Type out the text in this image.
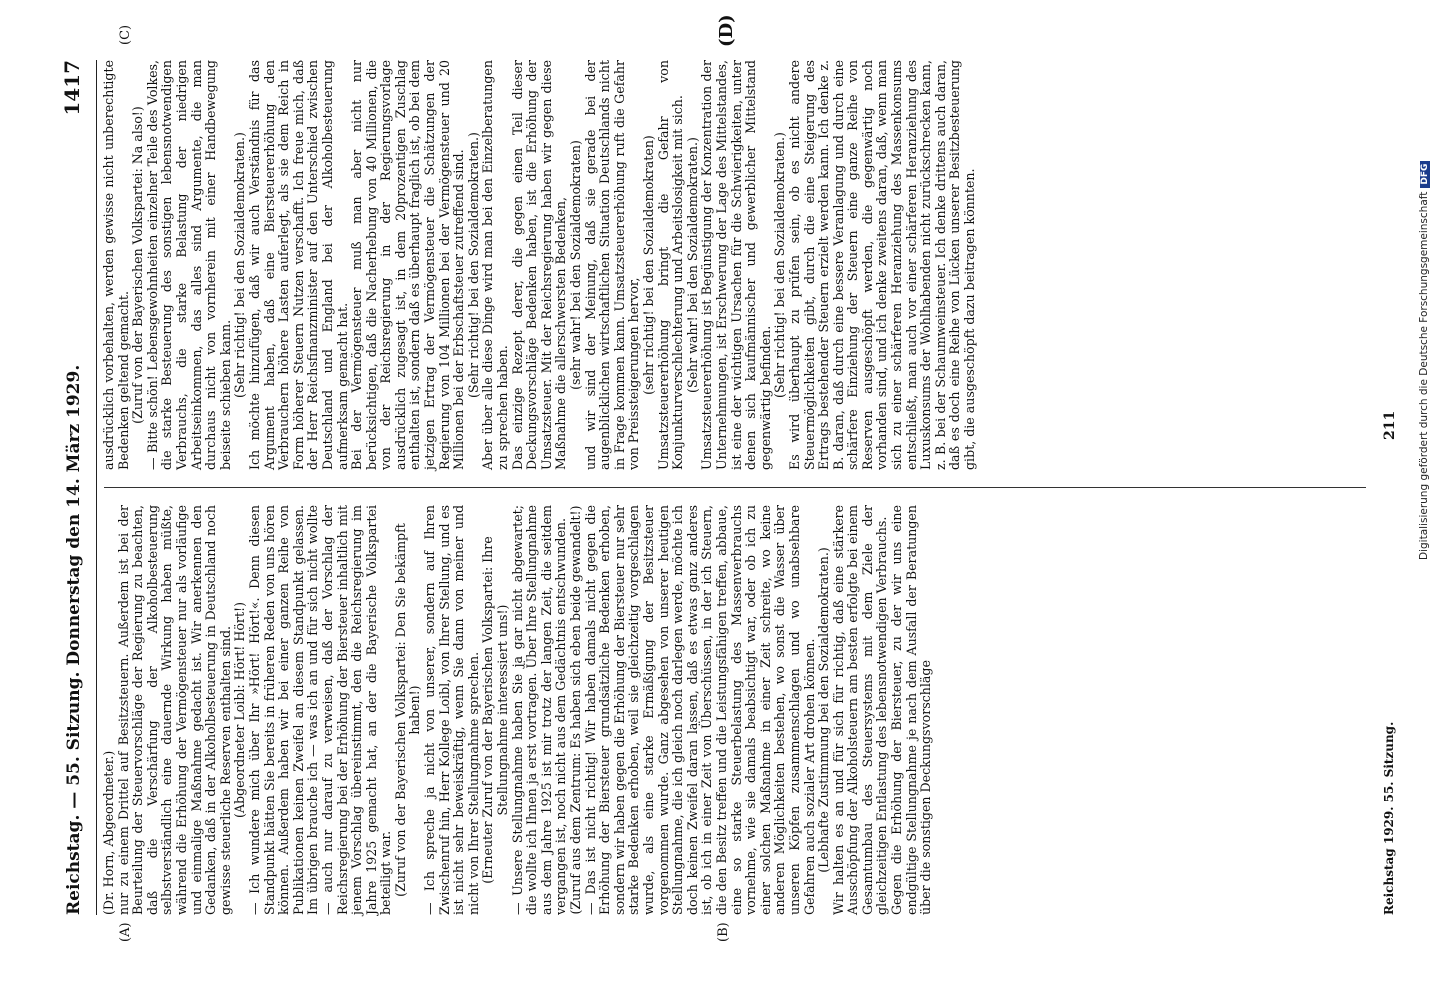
Reichstag. — 55. Sitzung. Donnerstag den 14. März 1929.
1417
(A)	(B)
(C)	(D)

(Dr. Horn, Abgeordneter.) nur zu einem Drittel auf Besitzsteuern. Außerdem ist bei der Beurteilung der Steuervorschläge der Regierung zu beachten, daß die Verschärfung der Alkoholbesteuerung selbstverständlich eine dauernde Wirkung haben müßte, während die Erhöhung der Vermögensteuer nur als vorläufige und einmalige Maßnahme gedacht ist. Wir anerkennen den Gedanken, daß in der Alkoholbesteuerung in Deutschland noch gewisse steuerliche Reserven enthalten sind. (Abgeordneter Loibl: Hört! Hört!) — Ich wundere mich über Ihr »Hört! Hört!«. Denn diesen Standpunkt hätten Sie bereits in früheren Reden von uns hören können. Außerdem haben wir bei einer ganzen Reihe von Publikationen keinen Zweifel an diesem Standpunkt gelassen. Im übrigen brauche ich — was ich an und für sich nicht wollte — auch nur darauf zu verweisen, daß der Vorschlag der Reichsregierung bei der Erhöhung der Biersteuer inhaltlich mit jenem Vorschlag übereinstimmt, den die Reichsregierung im Jahre 1925 gemacht hat, an der die Bayerische Volkspartei beteiligt war. (Zuruf von der Bayerischen Volkspartei: Den Sie bekämpft haben!) — Ich spreche ja nicht von unserer, sondern auf Ihren Zwischenruf hin, Herr Kollege Loibl, von Ihrer Stellung, und es ist nicht sehr beweiskräftig, wenn Sie dann von meiner und nicht von Ihrer Stellungnahme sprechen. (Erneuter Zuruf von der Bayerischen Volkspartei: Ihre Stellungnahme interessiert uns!) — Unsere Stellungnahme haben Sie ja gar nicht abgewartet; die wollte ich Ihnen ja erst vortragen. Über Ihre Stellungnahme aus dem Jahre 1925 ist mir trotz der langen Zeit, die seitdem vergangen ist, noch nicht aus dem Gedächtnis entschwunden. (Zuruf aus dem Zentrum: Es haben sich eben beide gewandelt!) — Das ist nicht richtig! Wir haben damals nicht gegen die Erhöhung der Biersteuer grundsätzliche Bedenken erhoben, sondern wir haben gegen die Erhöhung der Biersteuer nur sehr starke Bedenken erhoben, weil sie gleichzeitig vorgeschlagen wurde, als eine starke Ermäßigung der Besitzsteuer vorgenommen wurde. Ganz abgesehen von unserer heutigen Stellungnahme, die ich gleich noch darlegen werde, möchte ich doch keinen Zweifel daran lassen, daß es etwas ganz anderes ist, ob ich in einer Zeit von Überschüssen, in der ich Steuern, die den Besitz treffen und die Leistungsfähigen treffen, abbaue, eine so starke Steuerbelastung des Massenverbrauchs vornehme, wie sie damals beabsichtigt war, oder ob ich zu einer solchen Maßnahme in einer Zeit schreite, wo keine anderen Möglichkeiten bestehen, wo sonst die Wasser über unseren Köpfen zusammenschlagen und wo unabsehbare Gefahren auch sozialer Art drohen können. (Lebhafte Zustimmung bei den Sozialdemokraten.) Wir halten es an und für sich für richtig, daß eine stärkere Ausschöpfung der Alkoholsteuern am besten erfolgte bei einem Gesamtumbau des Steuersystems mit dem Ziele der gleichzeitigen Entlastung des lebensnotwendigen Verbrauchs. Gegen die Erhöhung der Biersteuer, zu der wir uns eine endgültige Stellungnahme je nach dem Ausfall der Beratungen über die sonstigen Deckungsvorschläge

ausdrücklich vorbehalten, werden gewisse nicht unberechtigte Bedenken geltend gemacht. (Zuruf von der Bayerischen Volkspartei: Na also!) — Bitte schön! Lebensgewohnheiten einzelner Teile des Volkes, die starke Besteuerung des sonstigen lebensnotwendigen Verbrauchs, die starke Belastung der niedrigen Arbeitseinkommen, das alles sind Argumente, die man durchaus nicht von vornherein mit einer Handbewegung beiseite schieben kann. (Sehr richtig! bei den Sozialdemokraten.) Ich möchte hinzufügen, daß wir auch Verständnis für das Argument haben, daß eine Biersteuererhöhung den Verbrauchern höhere Lasten auferlegt, als sie dem Reich in Form höherer Steuern Nutzen verschafft. Ich freue mich, daß der Herr Reichsfinanzminister auf den Unterschied zwischen Deutschland und England bei der Alkoholbesteuerung aufmerksam gemacht hat. Bei der Vermögensteuer muß man aber nicht nur berücksichtigen, daß die Nacherhebung von 40 Millionen, die von der Reichsregierung in der Regierungsvorlage ausdrücklich zugesagt ist, in dem 20prozentigen Zuschlag enthalten ist, sondern daß es überhaupt fraglich ist, ob bei dem jetzigen Ertrag der Vermögensteuer die Schätzungen der Regierung von 104 Millionen bei der Vermögensteuer und 20 Millionen bei der Erbschaftsteuer zutreffend sind. (Sehr richtig! bei den Sozialdemokraten.) Aber über alle diese Dinge wird man bei den Einzelberatungen zu sprechen haben. Das einzige Rezept derer, die gegen einen Teil dieser Deckungsvorschläge Bedenken haben, ist die Erhöhung der Umsatzsteuer. Mit der Reichsregierung haben wir gegen diese Maßnahme die allerschwersten Bedenken, (sehr wahr! bei den Sozialdemokraten) und wir sind der Meinung, daß sie gerade bei der augenblicklichen wirtschaftlichen Situation Deutschlands nicht in Frage kommen kann. Umsatzsteuererhöhung ruft die Gefahr von Preissteigerungen hervor, (sehr richtig! bei den Sozialdemokraten) Umsatzsteuererhöhung bringt die Gefahr von Konjunkturverschlechterung und Arbeitslosigkeit mit sich. (Sehr wahr! bei den Sozialdemokraten.) Umsatzsteuererhöhung ist Begünstigung der Konzentration der Unternehmungen, ist Erschwerung der Lage des Mittelstandes, ist eine der wichtigen Ursachen für die Schwierigkeiten, unter denen sich kaufmännischer und gewerblicher Mittelstand gegenwärtig befinden. (Sehr richtig! bei den Sozialdemokraten.) Es wird überhaupt zu prüfen sein, ob es nicht andere Steuermöglichkeiten gibt, durch die eine Steigerung des Ertrags bestehender Steuern erzielt werden kann. Ich denke z. B. daran, daß durch eine bessere Veranlagung und durch eine schärfere Einziehung der Steuern eine ganze Reihe von Reserven ausgeschöpft werden, die gegenwärtig noch vorhanden sind, und ich denke zweitens daran, daß, wenn man sich zu einer schärferen Heranziehung des Massenkonsums entschließt, man auch vor einer schärferen Heranziehung des Luxuskonsums der Wohlhabenden nicht zurückschrecken kann, z. B. bei der Schaumweinsteuer. Ich denke drittens auch daran, daß es doch eine Reihe von Lücken unserer Besitzbesteuerung gibt, die ausgeschöpft dazu beitragen könnten.

Reichstag 1929. 55. Sitzung.
211 Digitalisierung gefördert durch die Deutsche ForschungsgemeinschaftDFG
